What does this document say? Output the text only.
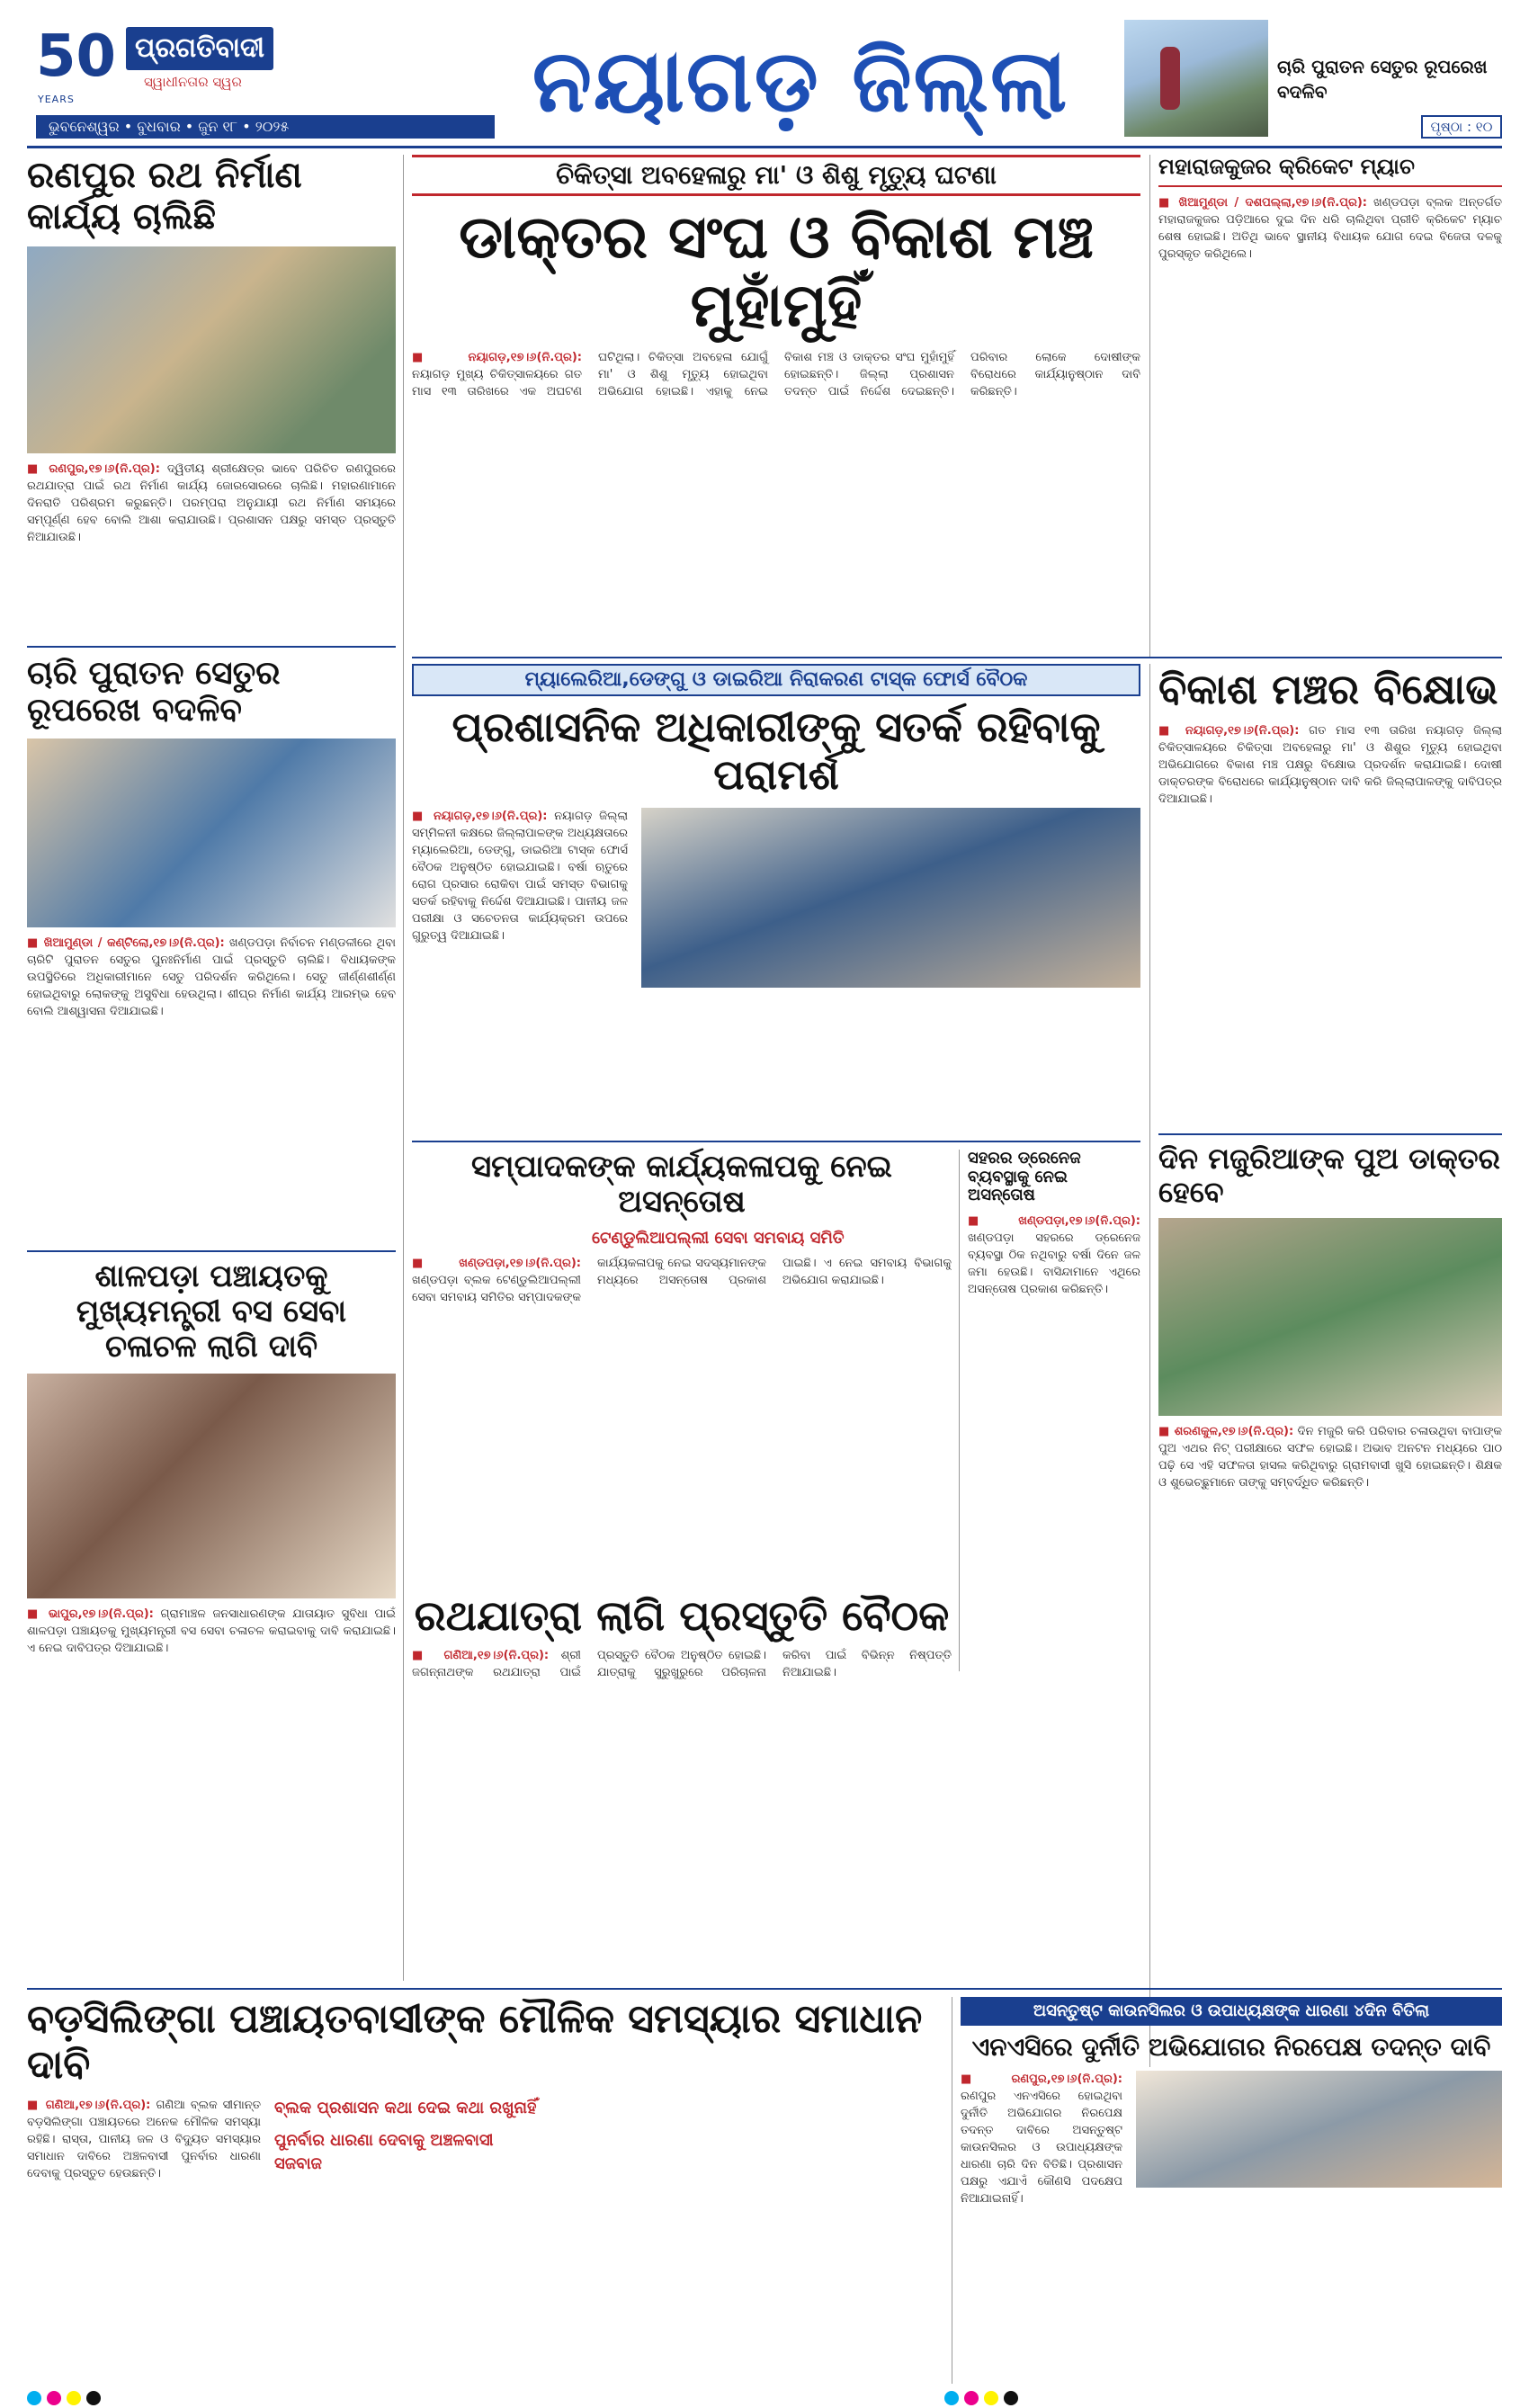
50
YEARS
ପ୍ରଗତିବାଦୀ
ସ୍ୱାଧୀନତାର ସ୍ୱର
ଭୁବନେଶ୍ୱର • ବୁଧବାର • ଜୁନ ୧୮ • ୨୦୨୫	ନୟାଗଡ଼ ଜିଲ୍ଲା	ଚାରି ପୁରାତନ ସେତୁର ରୂପରେଖ ବଦଳିବ
ପୃଷ୍ଠା : ୧୦
ରଣପୁର ରଥ ନିର୍ମାଣ କାର୍ଯ୍ୟ ଚାଲିଛି
■ ରଣପୁର,୧୭।୬(ନି.ପ୍ର): ଦ୍ୱିତୀୟ ଶ୍ରୀକ୍ଷେତ୍ର ଭାବେ ପରିଚିତ ରଣପୁରରେ ରଥଯାତ୍ରା ପାଇଁ ରଥ ନିର୍ମାଣ କାର୍ଯ୍ୟ ଜୋରସୋରରେ ଚାଲିଛି। ମହାରଣାମାନେ ଦିନରାତି ପରିଶ୍ରମ କରୁଛନ୍ତି। ପରମ୍ପରା ଅନୁଯାୟୀ ରଥ ନିର୍ମାଣ ସମୟରେ ସମ୍ପୂର୍ଣ୍ଣ ହେବ ବୋଲି ଆଶା କରାଯାଉଛି। ପ୍ରଶାସନ ପକ୍ଷରୁ ସମସ୍ତ ପ୍ରସ୍ତୁତି ନିଆଯାଉଛି।
ଚାରି ପୁରାତନ ସେତୁର ରୂପରେଖ ବଦଳିବ
■ ଖିଆମୁଣ୍ଡା / କଣ୍ଟିଲୋ,୧୭।୬(ନି.ପ୍ର): ଖଣ୍ଡପଡ଼ା ନିର୍ବାଚନ ମଣ୍ଡଳୀରେ ଥିବା ଚାରିଟି ପୁରାତନ ସେତୁର ପୁନଃନିର୍ମାଣ ପାଇଁ ପ୍ରସ୍ତୁତି ଚାଲିଛି। ବିଧାୟକଙ୍କ ଉପସ୍ଥିତିରେ ଅଧିକାରୀମାନେ ସେତୁ ପରିଦର୍ଶନ କରିଥିଲେ। ସେତୁ ଜୀର୍ଣ୍ଣଶୀର୍ଣ୍ଣ ହୋଇଥିବାରୁ ଲୋକଙ୍କୁ ଅସୁବିଧା ହେଉଥିଲା। ଶୀଘ୍ର ନିର୍ମାଣ କାର୍ଯ୍ୟ ଆରମ୍ଭ ହେବ ବୋଲି ଆଶ୍ୱାସନା ଦିଆଯାଇଛି।
ଶାଳପଡ଼ା ପଞ୍ଚାୟତକୁ ମୁଖ୍ୟମନ୍ତ୍ରୀ ବସ ସେବା ଚଳାଚଳ ଲାଗି ଦାବି
■ ଭାପୁର,୧୭।୬(ନି.ପ୍ର): ଗ୍ରାମାଞ୍ଚଳ ଜନସାଧାରଣଙ୍କ ଯାତାୟାତ ସୁବିଧା ପାଇଁ ଶାଳପଡ଼ା ପଞ୍ଚାୟତକୁ ମୁଖ୍ୟମନ୍ତ୍ରୀ ବସ ସେବା ଚଳାଚଳ କରାଇବାକୁ ଦାବି କରାଯାଇଛି। ଏ ନେଇ ଦାବିପତ୍ର ଦିଆଯାଇଛି।
ଚିକିତ୍ସା ଅବହେଳାରୁ ମା' ଓ ଶିଶୁ ମୃତ୍ୟୁ ଘଟଣା
ଡାକ୍ତର ସଂଘ ଓ ବିକାଶ ମଞ୍ଚ ମୁହାଁମୁହିଁ
■ ନୟାଗଡ଼,୧୭।୬(ନି.ପ୍ର): ନୟାଗଡ଼ ମୁଖ୍ୟ ଚିକିତ୍ସାଳୟରେ ଗତ ମାସ ୧୩ ତାରିଖରେ ଏକ ଅଘଟଣ ଘଟିଥିଲା। ଚିକିତ୍ସା ଅବହେଳା ଯୋଗୁଁ ମା' ଓ ଶିଶୁ ମୃତ୍ୟୁ ହୋଇଥିବା ଅଭିଯୋଗ ହୋଇଛି। ଏହାକୁ ନେଇ ବିକାଶ ମଞ୍ଚ ଓ ଡାକ୍ତର ସଂଘ ମୁହାଁମୁହିଁ ହୋଇଛନ୍ତି। ଜିଲ୍ଲା ପ୍ରଶାସନ ତଦନ୍ତ ପାଇଁ ନିର୍ଦ୍ଦେଶ ଦେଇଛନ୍ତି। ପରିବାର ଲୋକେ ଦୋଷୀଙ୍କ ବିରୋଧରେ କାର୍ଯ୍ୟାନୁଷ୍ଠାନ ଦାବି କରିଛନ୍ତି।
ମହାରାଜକୁଜର କ୍ରିକେଟ ମ୍ୟାଚ
■ ଖିଆମୁଣ୍ଡା / ଦଶପଲ୍ଲା,୧୭।୬(ନି.ପ୍ର): ଖଣ୍ଡପଡ଼ା ବ୍ଲକ ଅନ୍ତର୍ଗତ ମହାରାଜକୁଜର ପଡ଼ିଆରେ ଦୁଇ ଦିନ ଧରି ଚାଲିଥିବା ପ୍ରୀତି କ୍ରିକେଟ ମ୍ୟାଚ ଶେଷ ହୋଇଛି। ଅତିଥି ଭାବେ ସ୍ଥାନୀୟ ବିଧାୟକ ଯୋଗ ଦେଇ ବିଜେତା ଦଳକୁ ପୁରସ୍କୃତ କରିଥିଲେ।
ମ୍ୟାଲେରିଆ,ଡେଙ୍ଗୁ ଓ ଡାଇରିଆ ନିରାକରଣ ଟାସ୍କ ଫୋର୍ସ ବୈଠକ
ପ୍ରଶାସନିକ ଅଧିକାରୀଙ୍କୁ ସତର୍କ ରହିବାକୁ ପରାମର୍ଶ
■ ନୟାଗଡ଼,୧୭।୬(ନି.ପ୍ର): ନୟାଗଡ଼ ଜିଲ୍ଲା ସମ୍ମିଳନୀ କକ୍ଷରେ ଜିଲ୍ଲାପାଳଙ୍କ ଅଧ୍ୟକ୍ଷତାରେ ମ୍ୟାଲେରିଆ, ଡେଙ୍ଗୁ, ଡାଇରିଆ ଟାସ୍କ ଫୋର୍ସ ବୈଠକ ଅନୁଷ୍ଠିତ ହୋଇଯାଇଛି। ବର୍ଷା ଋତୁରେ ରୋଗ ପ୍ରସାର ରୋକିବା ପାଇଁ ସମସ୍ତ ବିଭାଗକୁ ସତର୍କ ରହିବାକୁ ନିର୍ଦ୍ଦେଶ ଦିଆଯାଇଛି। ପାନୀୟ ଜଳ ପରୀକ୍ଷା ଓ ସଚେତନତା କାର୍ଯ୍ୟକ୍ରମ ଉପରେ ଗୁରୁତ୍ୱ ଦିଆଯାଇଛି।
ବିକାଶ ମଞ୍ଚର ବିକ୍ଷୋଭ
■ ନୟାଗଡ଼,୧୭।୬(ନି.ପ୍ର): ଗତ ମାସ ୧୩ ତାରିଖ ନୟାଗଡ଼ ଜିଲ୍ଲା ଚିକିତ୍ସାଳୟରେ ଚିକିତ୍ସା ଅବହେଳାରୁ ମା' ଓ ଶିଶୁର ମୃତ୍ୟୁ ହୋଇଥିବା ଅଭିଯୋଗରେ ବିକାଶ ମଞ୍ଚ ପକ୍ଷରୁ ବିକ୍ଷୋଭ ପ୍ରଦର୍ଶନ କରାଯାଇଛି। ଦୋଷୀ ଡାକ୍ତରଙ୍କ ବିରୋଧରେ କାର୍ଯ୍ୟାନୁଷ୍ଠାନ ଦାବି କରି ଜିଲ୍ଲାପାଳଙ୍କୁ ଦାବିପତ୍ର ଦିଆଯାଇଛି।
ଦିନ ମଜୁରିଆଙ୍କ ପୁଅ ଡାକ୍ତର ହେବେ
■ ଶରଣକୁଳ,୧୭।୬(ନି.ପ୍ର): ଦିନ ମଜୁରି କରି ପରିବାର ଚଳାଉଥିବା ବାପାଙ୍କ ପୁଅ ଏଥର ନିଟ୍ ପରୀକ୍ଷାରେ ସଫଳ ହୋଇଛି। ଅଭାବ ଅନଟନ ମଧ୍ୟରେ ପାଠ ପଢ଼ି ସେ ଏହି ସଫଳତା ହାସଲ କରିଥିବାରୁ ଗ୍ରାମବାସୀ ଖୁସି ହୋଇଛନ୍ତି। ଶିକ୍ଷକ ଓ ଶୁଭେଚ୍ଛୁମାନେ ତାଙ୍କୁ ସମ୍ବର୍ଦ୍ଧିତ କରିଛନ୍ତି।
ସମ୍ପାଦକଙ୍କ କାର୍ଯ୍ୟକଳାପକୁ ନେଇ ଅସନ୍ତୋଷ
ଟେଣ୍ଡୁଲିଆପଲ୍ଲୀ ସେବା ସମବାୟ ସମିତି
■ ଖଣ୍ଡପଡ଼ା,୧୭।୬(ନି.ପ୍ର): ଖଣ୍ଡପଡ଼ା ବ୍ଲକ ଟେଣ୍ଡୁଲିଆପଲ୍ଲୀ ସେବା ସମବାୟ ସମିତିର ସମ୍ପାଦକଙ୍କ କାର୍ଯ୍ୟକଳାପକୁ ନେଇ ସଦସ୍ୟମାନଙ୍କ ମଧ୍ୟରେ ଅସନ୍ତୋଷ ପ୍ରକାଶ ପାଇଛି। ଏ ନେଇ ସମବାୟ ବିଭାଗକୁ ଅଭିଯୋଗ କରାଯାଇଛି।
ସହରର ଡ୍ରେନେଜ ବ୍ୟବସ୍ଥାକୁ ନେଇ ଅସନ୍ତୋଷ
■ ଖଣ୍ଡପଡ଼ା,୧୭।୬(ନି.ପ୍ର): ଖଣ୍ଡପଡ଼ା ସହରରେ ଡ୍ରେନେଜ ବ୍ୟବସ୍ଥା ଠିକ ନଥିବାରୁ ବର୍ଷା ଦିନେ ଜଳ ଜମା ହେଉଛି। ବାସିନ୍ଦାମାନେ ଏଥିରେ ଅସନ୍ତୋଷ ପ୍ରକାଶ କରିଛନ୍ତି।
ରଥଯାତ୍ରା ଲାଗି ପ୍ରସ୍ତୁତି ବୈଠକ
■ ଗଣିଆ,୧୭।୬(ନି.ପ୍ର): ଶ୍ରୀ ଜଗନ୍ନାଥଙ୍କ ରଥଯାତ୍ରା ପାଇଁ ପ୍ରସ୍ତୁତି ବୈଠକ ଅନୁଷ୍ଠିତ ହୋଇଛି। ଯାତ୍ରାକୁ ସୁରୁଖୁରୁରେ ପରିଚାଳନା କରିବା ପାଇଁ ବିଭିନ୍ନ ନିଷ୍ପତ୍ତି ନିଆଯାଇଛି।
ବଡ଼ସିଲିଙ୍ଗା ପଞ୍ଚାୟତବାସୀଙ୍କ ମୌଳିକ ସମସ୍ୟାର ସମାଧାନ ଦାବି
■ ଗଣିଆ,୧୭।୬(ନି.ପ୍ର): ଗଣିଆ ବ୍ଲକ ସୀମାନ୍ତ ବଡ଼ସିଲିଙ୍ଗା ପଞ୍ଚାୟତରେ ଅନେକ ମୌଳିକ ସମସ୍ୟା ରହିଛି। ରାସ୍ତା, ପାନୀୟ ଜଳ ଓ ବିଦ୍ୟୁତ ସମସ୍ୟାର ସମାଧାନ ଦାବିରେ ଅଞ୍ଚଳବାସୀ ପୁନର୍ବାର ଧାରଣା ଦେବାକୁ ପ୍ରସ୍ତୁତ ହେଉଛନ୍ତି।
ବ୍ଲକ ପ୍ରଶାସନ କଥା ଦେଇ କଥା ରଖୁନାହିଁ
ପୁନର୍ବାର ଧାରଣା ଦେବାକୁ ଅଞ୍ଚଳବାସୀ ସଜବାଜ
ଅସନ୍ତୁଷ୍ଟ କାଉନସିଲର ଓ ଉପାଧ୍ୟକ୍ଷଙ୍କ ଧାରଣା ୪ଦିନ ବିତିଲା
ଏନଏସିରେ ଦୁର୍ନୀତି ଅଭିଯୋଗର ନିରପେକ୍ଷ ତଦନ୍ତ ଦାବି
■ ରଣପୁର,୧୭।୬(ନି.ପ୍ର): ରଣପୁର ଏନଏସିରେ ହୋଇଥିବା ଦୁର୍ନୀତି ଅଭିଯୋଗର ନିରପେକ୍ଷ ତଦନ୍ତ ଦାବିରେ ଅସନ୍ତୁଷ୍ଟ କାଉନସିଲର ଓ ଉପାଧ୍ୟକ୍ଷଙ୍କ ଧାରଣା ଚାରି ଦିନ ବିତିଛି। ପ୍ରଶାସନ ପକ୍ଷରୁ ଏଯାଏଁ କୌଣସି ପଦକ୍ଷେପ ନିଆଯାଇନାହିଁ।
